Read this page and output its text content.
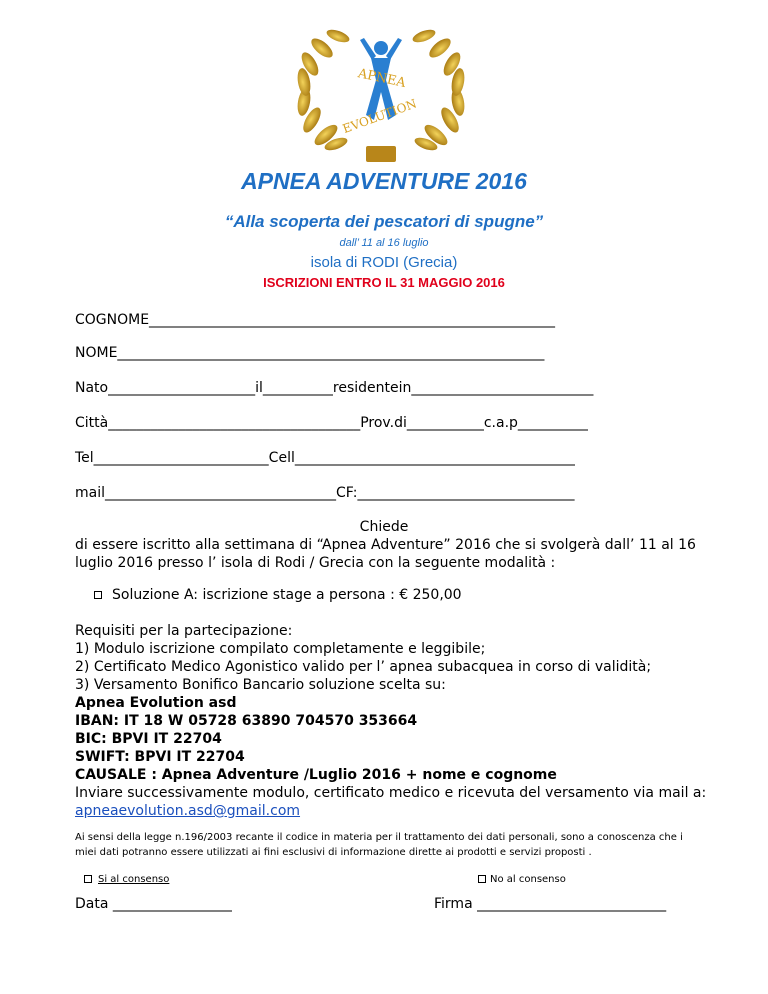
APNEA
EVOLUTION
APNEA ADVENTURE 2016
“Alla scoperta dei pescatori di spugne”
dall’ 11 al 16 luglio
isola di RODI (Grecia)
ISCRIZIONI ENTRO IL 31 MAGGIO 2016
COGNOME__________________________________________________________
NOME_____________________________________________________________
Nato_____________________il__________residentein__________________________
Città____________________________________Prov.di___________c.a.p__________
Tel_________________________Cell________________________________________
mail_________________________________CF:_______________________________
Chiede
di essere iscritto alla settimana di “Apnea Adventure” 2016 che si svolgerà dall’ 11 al 16
luglio 2016 presso l’ isola di Rodi / Grecia con la seguente modalità :
Soluzione A: iscrizione stage a persona : € 250,00
Requisiti per la partecipazione:
1) Modulo iscrizione compilato completamente e leggibile;
2) Certificato Medico Agonistico valido per l’ apnea subacquea in corso di validità;
3) Versamento Bonifico Bancario soluzione scelta su:
Apnea Evolution asd
IBAN: IT 18 W 05728 63890 704570 353664
BIC: BPVI IT 22704
SWIFT: BPVI IT 22704
CAUSALE : Apnea Adventure /Luglio 2016 + nome e cognome
Inviare successivamente modulo, certificato medico e ricevuta del versamento via mail a:
apneaevolution.asd@gmail.com
Ai sensi della legge n.196/2003 recante il codice in materia per il trattamento dei dati personali, sono a conoscenza che i
miei dati potranno essere utilizzati ai fini esclusivi di informazione dirette ai prodotti e servizi proposti .
Si al consenso	No al consenso
Data _________________	Firma ___________________________
